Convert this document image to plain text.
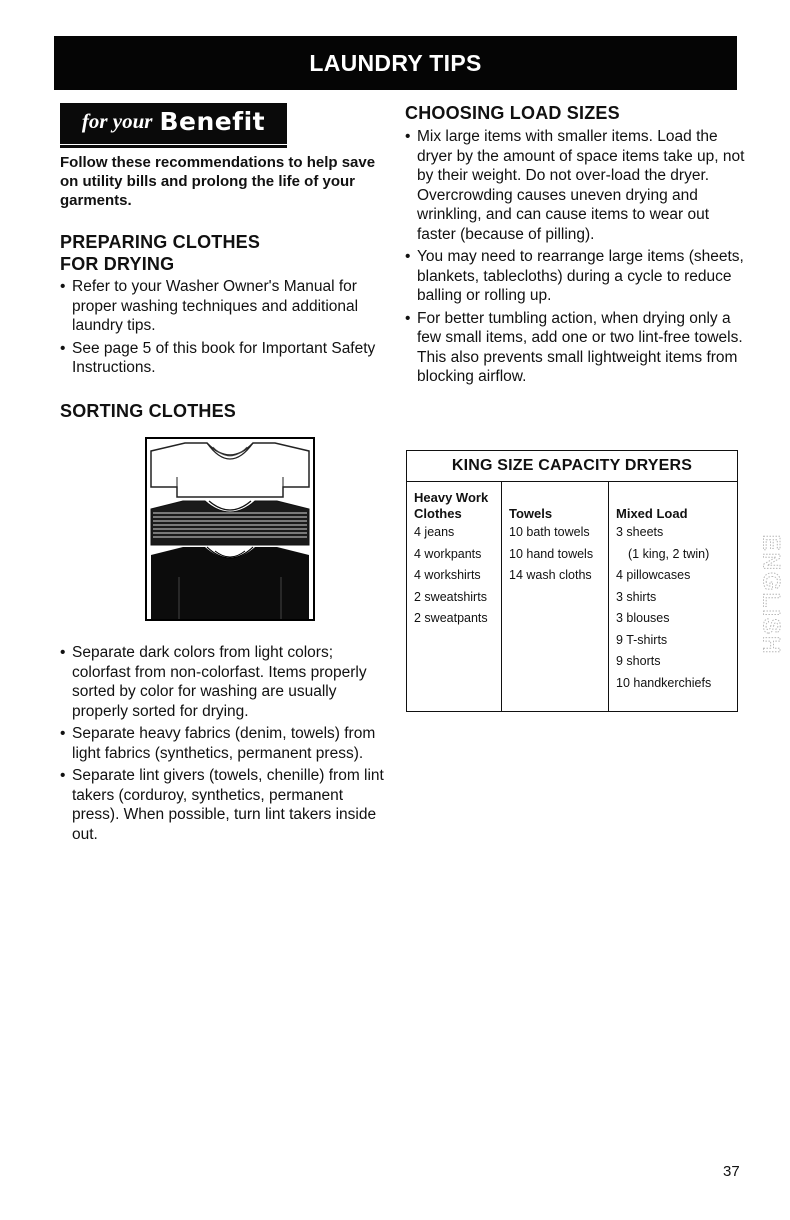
LAUNDRY TIPS
for your Benefit
Follow these recommendations to help save on utility bills and prolong the life of your garments.
PREPARING CLOTHES
FOR DRYING
• Refer to your Washer Owner's Manual for proper washing techniques and additional laundry tips.
• See page 5 of this book for Important Safety Instructions.
SORTING CLOTHES
• Separate dark colors from light colors; colorfast from non-colorfast. Items properly sorted by color for washing are usually properly sorted for drying.
• Separate heavy fabrics (denim, towels) from light fabrics (synthetics, permanent press).
• Separate lint givers (towels, chenille) from lint takers (corduroy, synthetics, permanent press). When possible, turn lint takers inside out.
CHOOSING LOAD SIZES
• Mix large items with smaller items. Load the dryer by the amount of space items take up, not by their weight. Do not over-load the dryer. Overcrowding causes uneven drying and wrinkling, and can cause items to wear out faster (because of pilling).
• You may need to rearrange large items (sheets, blankets, tablecloths) during a cycle to reduce balling or rolling up.
• For better tumbling action, when drying only a few small items, add one or two lint-free towels. This also prevents small lightweight items from blocking airflow.
KING SIZE CAPACITY DRYERS
Heavy Work
Clothes
4 jeans
4 workpants
4 workshirts
2 sweatshirts
2 sweatpants
Towels
10 bath towels
10 hand towels
14 wash cloths
Mixed Load
3 sheets
(1 king, 2 twin)
4 pillowcases
3 shirts
3 blouses
9 T-shirts
9 shorts
10 handkerchiefs
ENGLISH
37
